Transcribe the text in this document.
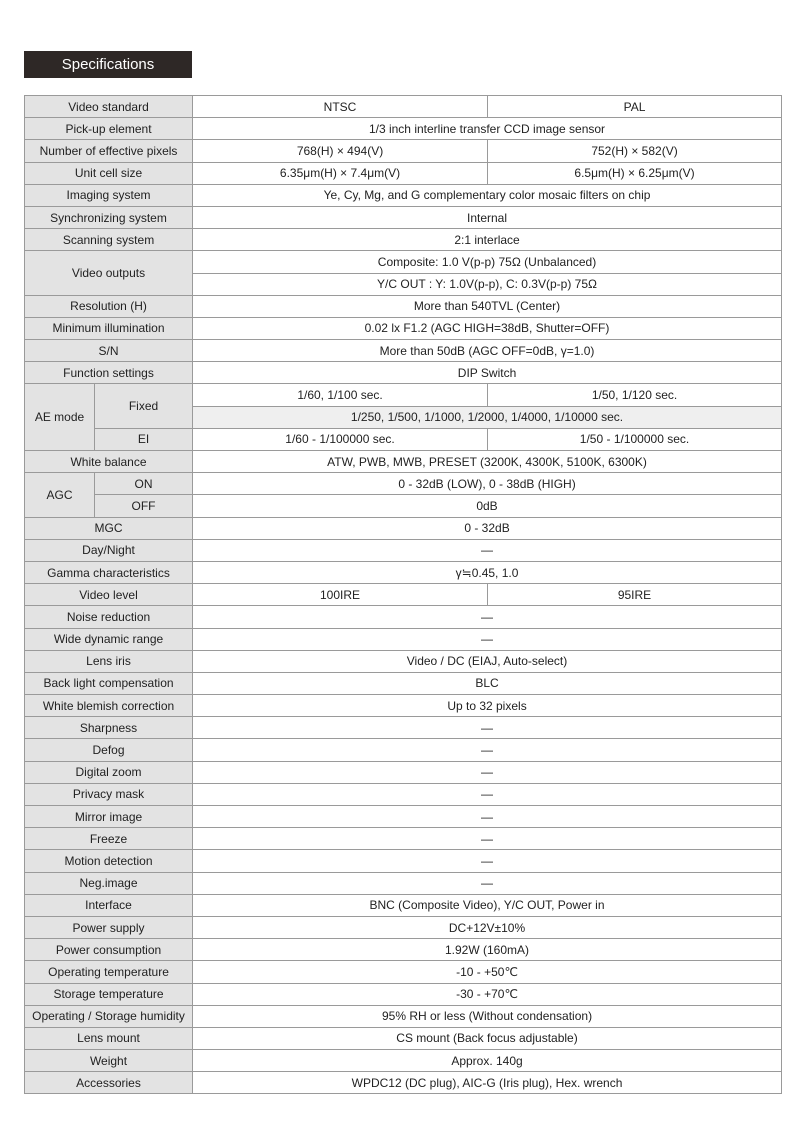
Specifications
Video standard		NTSC	PAL
Pick-up element		1/3 inch interline transfer CCD image sensor	
Number of effective pixels		768(H) × 494(V)	752(H) × 582(V)
Unit cell size		6.35μm(H) × 7.4μm(V)	6.5μm(H) × 6.25μm(V)
Imaging system		Ye, Cy, Mg, and G complementary color mosaic filters on chip	
Synchronizing system		Internal	
Scanning system		2:1 interlace	
Video outputs		Composite: 1.0 V(p-p) 75Ω (Unbalanced)	
		Y/C OUT : Y: 1.0V(p-p), C: 0.3V(p-p) 75Ω	
Resolution (H)		More than 540TVL (Center)	
Minimum illumination		0.02 lx F1.2 (AGC HIGH=38dB, Shutter=OFF)	
S/N		More than 50dB (AGC OFF=0dB, γ=1.0)	
Function settings		DIP Switch	
AE mode	Fixed	1/60, 1/100 sec.	1/50, 1/120 sec.
		1/250, 1/500, 1/1000, 1/2000, 1/4000, 1/10000 sec.	
	EI	1/60 - 1/100000 sec.	1/50 - 1/100000 sec.
White balance		ATW, PWB, MWB, PRESET (3200K, 4300K, 5100K, 6300K)	
AGC	ON	0 - 32dB (LOW), 0 - 38dB (HIGH)	
	OFF	0dB	
MGC		0 - 32dB	
Day/Night		—	
Gamma characteristics		γ≒0.45, 1.0	
Video level		100IRE	95IRE
Noise reduction		—	
Wide dynamic range		—	
Lens iris		Video / DC (EIAJ, Auto-select)	
Back light compensation		BLC	
White blemish correction		Up to 32 pixels	
Sharpness		—	
Defog		—	
Digital zoom		—	
Privacy mask		—	
Mirror image		—	
Freeze		—	
Motion detection		—	
Neg.image		—	
Interface		BNC (Composite Video), Y/C OUT, Power in	
Power supply		DC+12V±10%	
Power consumption		1.92W (160mA)	
Operating temperature		-10 - +50℃	
Storage temperature		-30 - +70℃	
Operating / Storage humidity		95% RH or less (Without condensation)	
Lens mount		CS mount (Back focus adjustable)	
Weight		Approx. 140g	
Accessories		WPDC12 (DC plug), AIC-G (Iris plug), Hex. wrench	
